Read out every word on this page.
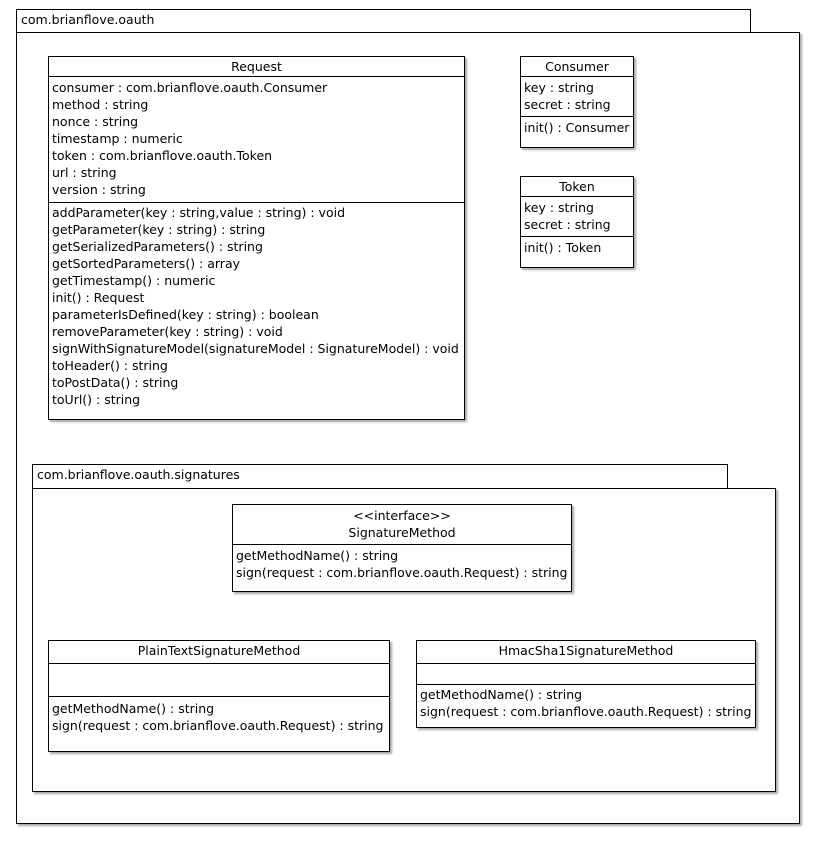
com.brianflove.oauth
Request
consumer : com.brianflove.oauth.Consumer
method : string
nonce : string
timestamp : numeric
token : com.brianflove.oauth.Token
url : string
version : string
addParameter(key : string,value : string) : void
getParameter(key : string) : string
getSerializedParameters() : string
getSortedParameters() : array
getTimestamp() : numeric
init() : Request
parameterIsDefined(key : string) : boolean
removeParameter(key : string) : void
signWithSignatureModel(signatureModel : SignatureModel) : void
toHeader() : string
toPostData() : string
toUrl() : string
Consumer
key : string
secret : string
init() : Consumer
Token
key : string
secret : string
init() : Token
com.brianflove.oauth.signatures
<<interface>>
SignatureMethod
getMethodName() : string
sign(request : com.brianflove.oauth.Request) : string
PlainTextSignatureMethod
getMethodName() : string
sign(request : com.brianflove.oauth.Request) : string
HmacSha1SignatureMethod
getMethodName() : string
sign(request : com.brianflove.oauth.Request) : string
